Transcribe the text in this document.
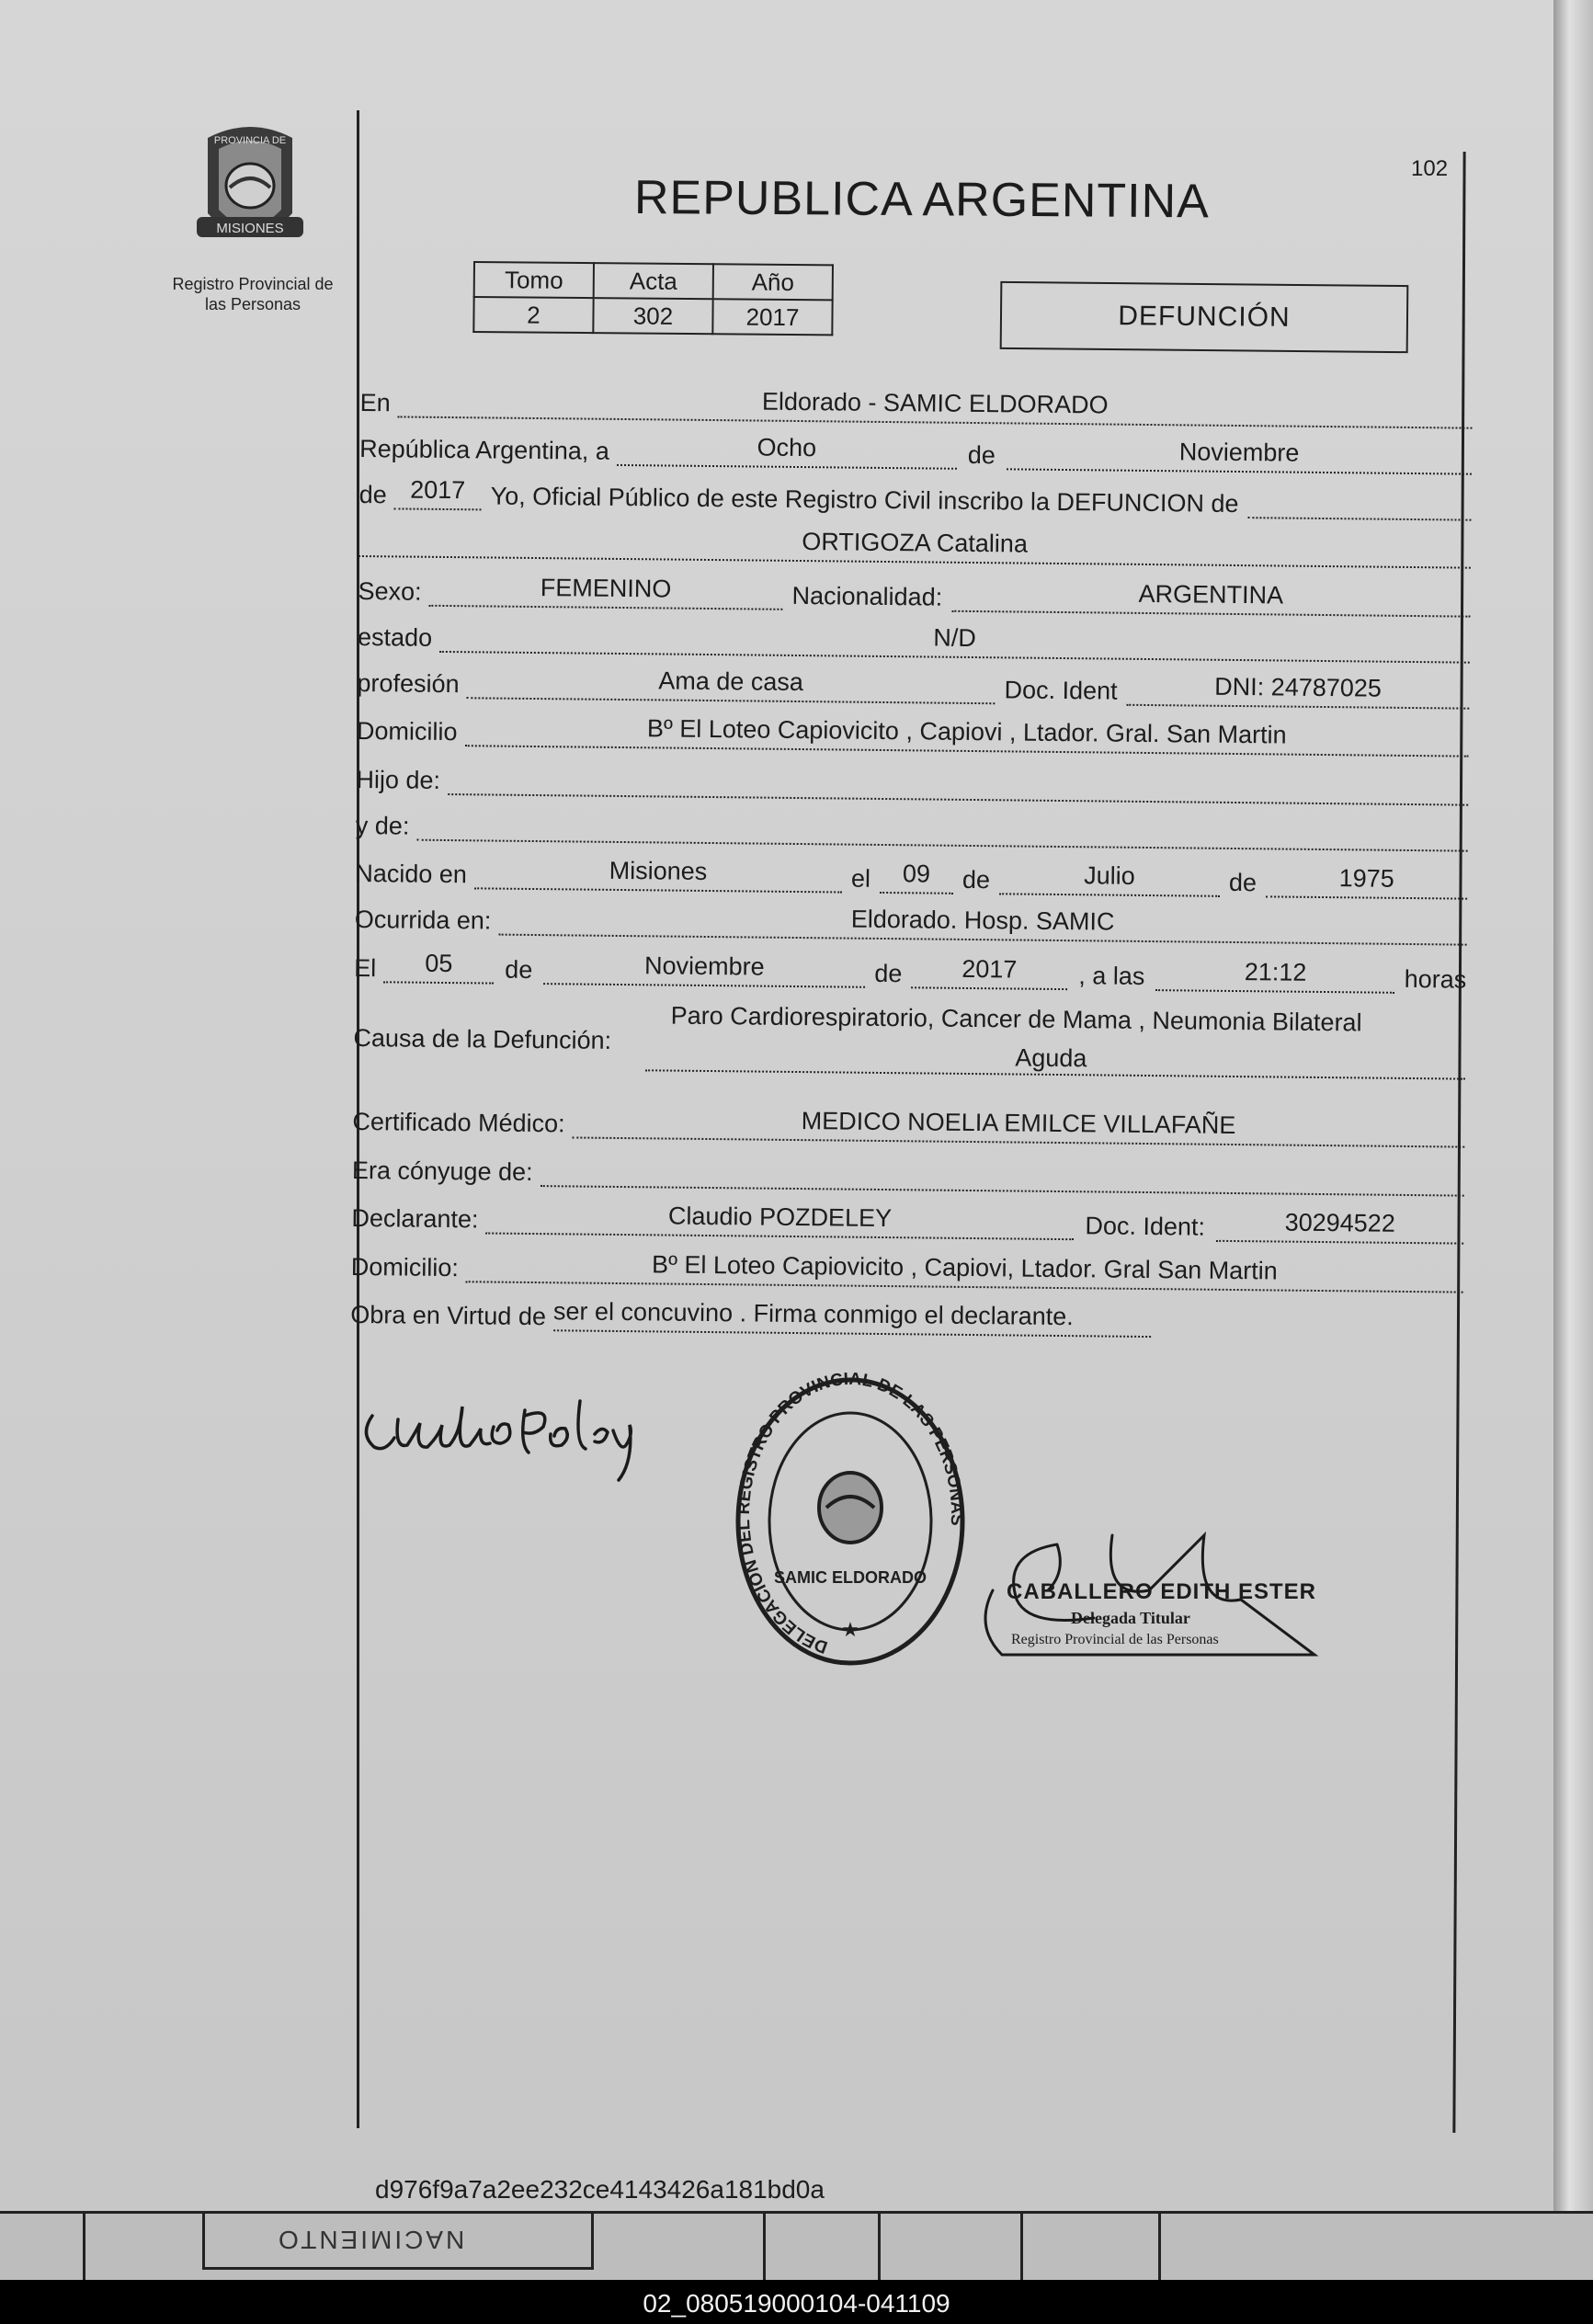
NACIMIENTO
02_080519000104-041109
MISIONES
PROVINCIA DE
Registro Provincial de
las Personas
102
REPUBLICA ARGENTINA
Tomo	Acta	Año
2	302	2017	DEFUNCIÓN
En	Eldorado - SAMIC ELDORADO
República Argentina, a	Ocho	de	Noviembre
de 2017	Yo, Oficial Público de este Registro Civil inscribo la DEFUNCION de
ORTIGOZA Catalina
Sexo:	FEMENINO	Nacionalidad:	ARGENTINA
estado	N/D
profesión	Ama de casa	Doc. Ident	DNI: 24787025
Domicilio	Bº El Loteo Capiovicito , Capiovi , Ltador. Gral. San Martin
Hijo de:
y de:
Nacido en	Misiones	el	09	de	Julio	de	1975
Ocurrida en:	Eldorado. Hosp. SAMIC
El	05	de	Noviembre	de	2017	, a las	21:12	horas
Causa de la Defunción:
Paro Cardiorespiratorio, Cancer de Mama , Neumonia Bilateral
Aguda
Certificado Médico:	MEDICO NOELIA EMILCE VILLAFAÑE
Era cónyuge de:
Declarante:	Claudio POZDELEY	Doc. Ident:	30294522
Domicilio:	Bº El Loteo Capiovicito , Capiovi, Ltador. Gral San Martin
Obra en Virtud de ser el concuvino . Firma conmigo el declarante.
DELEGACION DEL REGISTRO PROVINCIAL DE LAS PERSONAS
SAMIC ELDORADO
★
CABALLERO EDITH ESTER
Delegada Titular
Registro Provincial de las Personas
d976f9a7a2ee232ce4143426a181bd0a
